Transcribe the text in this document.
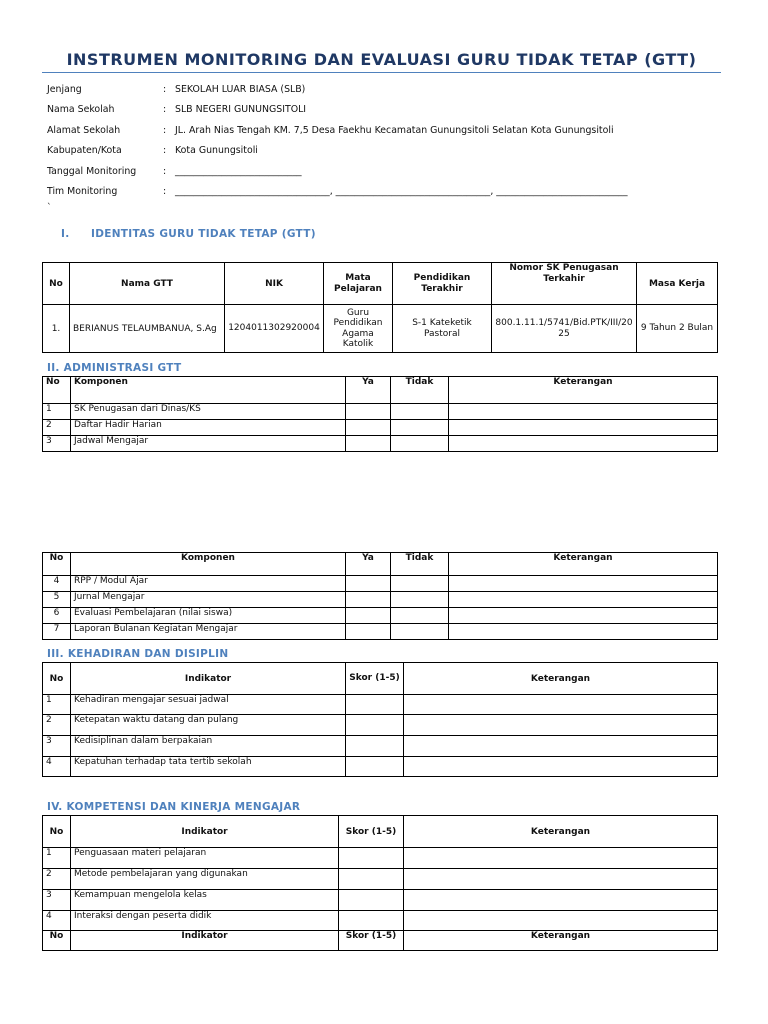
INSTRUMEN MONITORING DAN EVALUASI GURU TIDAK TETAP (GTT)
Jenjang	: SEKOLAH LUAR BIASA (SLB)
Nama Sekolah	: SLB NEGERI GUNUNGSITOLI
Alamat Sekolah	: JL. Arah Nias Tengah KM. 7,5 Desa Faekhu Kecamatan Gunungsitoli Selatan Kota Gunungsitoli
Kabupaten/Kota	: Kota Gunungsitoli
Tanggal Monitoring	: ___________________________
Tim Monitoring	: _________________________________, _________________________________, ____________________________
`
I. IDENTITAS GURU TIDAK TETAP (GTT)
No	Nama GTT	NIK	Mata Pelajaran	Pendidikan Terakhir	Nomor SK Penugasan Terkahir	Masa Kerja
1.	BERIANUS TELAUMBANUA, S.Ag	1204011302920004	Guru Pendidikan Agama Katolik	S-1 Kateketik Pastoral	800.1.11.1/5741/Bid.PTK/III/2025	9 Tahun 2 Bulan
II. ADMINISTRASI GTT
No	Komponen	Ya	Tidak	Keterangan
1	SK Penugasan dari Dinas/KS			
2	Daftar Hadir Harian			
3	Jadwal Mengajar			
No	Komponen	Ya	Tidak	Keterangan
4	RPP / Modul Ajar			
5	Jurnal Mengajar			
6	Evaluasi Pembelajaran (nilai siswa)			
7	Laporan Bulanan Kegiatan Mengajar			
III. KEHADIRAN DAN DISIPLIN
No	Indikator	Skor (1-5)	Keterangan
1	Kehadiran mengajar sesuai jadwal		
2	Ketepatan waktu datang dan pulang		
3	Kedisiplinan dalam berpakaian		
4	Kepatuhan terhadap tata tertib sekolah		
IV. KOMPETENSI DAN KINERJA MENGAJAR
No	Indikator	Skor (1-5)	Keterangan
1	Penguasaan materi pelajaran		
2	Metode pembelajaran yang digunakan		
3	Kemampuan mengelola kelas		
4	Interaksi dengan peserta didik		
No	Indikator	Skor (1-5)	Keterangan
